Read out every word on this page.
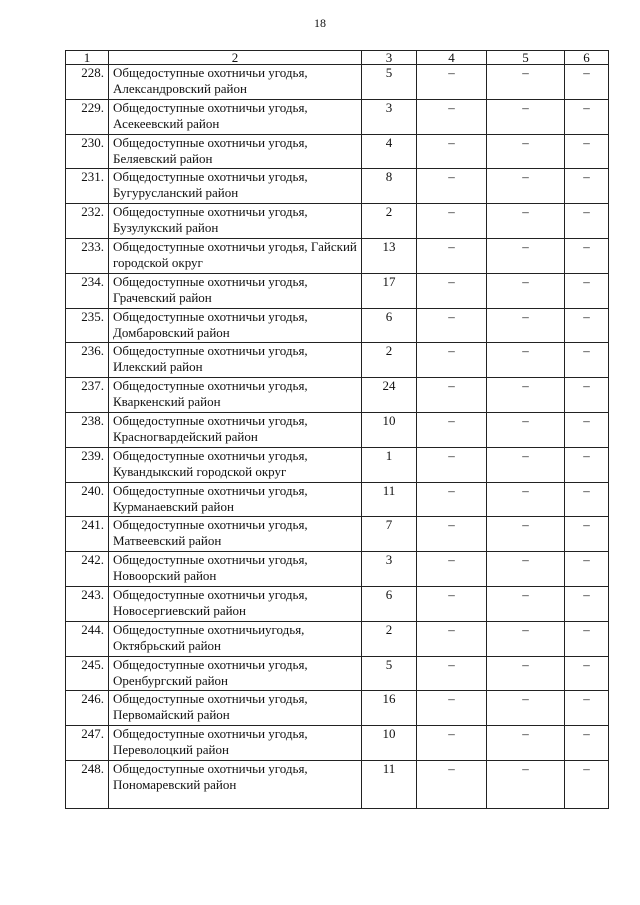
18
1	2	3	4	5	6
228.	Общедоступные охотничьи угодья, Александровский район	5	–	–	–
229.	Общедоступные охотничьи угодья, Асекеевский район	3	–	–	–
230.	Общедоступные охотничьи угодья, Беляевский район	4	–	–	–
231.	Общедоступные охотничьи угодья, Бугурусланский район	8	–	–	–
232.	Общедоступные охотничьи угодья, Бузулукский район	2	–	–	–
233.	Общедоступные охотничьи угодья, Гайский городской округ	13	–	–	–
234.	Общедоступные охотничьи угодья, Грачевский район	17	–	–	–
235.	Общедоступные охотничьи угодья, Домбаровский район	6	–	–	–
236.	Общедоступные охотничьи угодья, Илекский район	2	–	–	–
237.	Общедоступные охотничьи угодья, Кваркенский район	24	–	–	–
238.	Общедоступные охотничьи угодья, Красногвардейский район	10	–	–	–
239.	Общедоступные охотничьи угодья, Кувандыкский городской округ	1	–	–	–
240.	Общедоступные охотничьи угодья, Курманаевский район	11	–	–	–
241.	Общедоступные охотничьи угодья, Матвеевский район	7	–	–	–
242.	Общедоступные охотничьи угодья, Новоорский район	3	–	–	–
243.	Общедоступные охотничьи угодья, Новосергиевский район	6	–	–	–
244.	Общедоступные охотничьиугодья, Октябрьский район	2	–	–	–
245.	Общедоступные охотничьи угодья, Оренбургский район	5	–	–	–
246.	Общедоступные охотничьи угодья, Первомайский район	16	–	–	–
247.	Общедоступные охотничьи угодья, Переволоцкий район	10	–	–	–
248.	Общедоступные охотничьи угодья, Пономаревский район	11	–	–	–
